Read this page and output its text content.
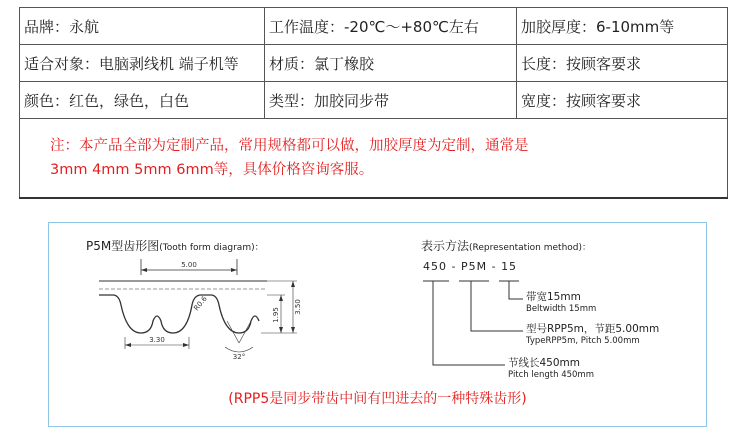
品牌：永航	工作温度：-20℃～+80℃左右	加胶厚度：6-10mm等
适合对象：电脑剥线机 端子机等	材质：氯丁橡胶	长度：按顾客要求
颜色：红色，绿色，白色	类型：加胶同步带	宽度：按顾客要求

注：本产品全部为定制产品，常用规格都可以做，加胶厚度为定制，通常是
3mm 4mm 5mm 6mm等，具体价格咨询客服。		
P5M型齿形图(Tooth form diagram)：
5.00
3.30
R0.6
32°
1.95
3.50
表示方法(Representation method)：
450 - P5M - 15
带宽15mm
Beltwidth 15mm
型号RPP5m，节距5.00mm
TypeRPP5m, Pitch 5.00mm
节线长450mm
Pitch length 450mm
(RPP5是同步带齿中间有凹进去的一种特殊齿形)
